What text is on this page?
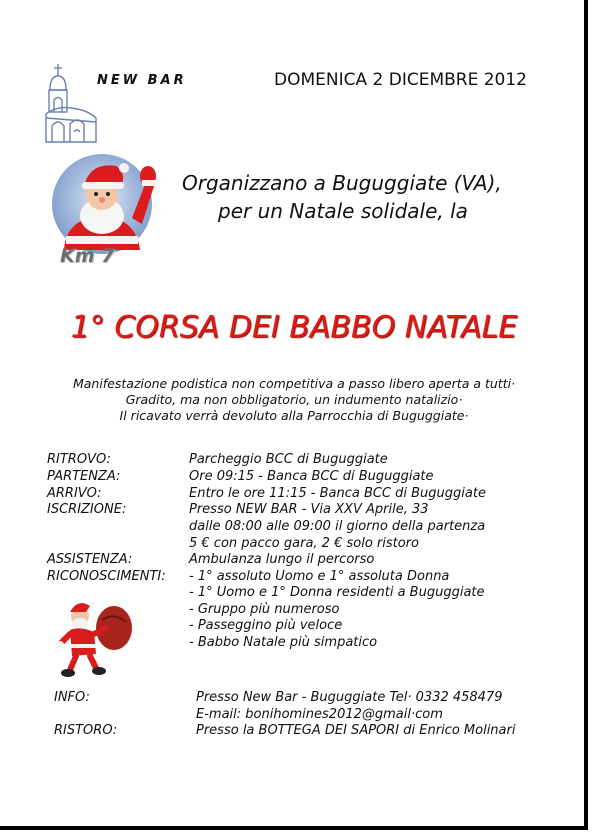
NEW BAR	DOMENICA 2 DICEMBRE 2012
Km 7
Organizzano a Buguggiate (VA),
per un Natale solidale, la
1° CORSA DEI BABBO NATALE
Manifestazione podistica non competitiva a passo libero aperta a tutti·
Gradito, ma non obbligatorio, un indumento natalizio·
Il ricavato verrà devoluto alla Parrocchia di Buguggiate·
RITROVO:	Parcheggio BCC di Buguggiate
PARTENZA:	Ore 09:15 - Banca BCC di Buguggiate
ARRIVO:	Entro le ore 11:15 - Banca BCC di Buguggiate
ISCRIZIONE:	Presso NEW BAR - Via XXV Aprile, 33
dalle 08:00 alle 09:00 il giorno della partenza
5 € con pacco gara, 2 € solo ristoro
ASSISTENZA:	Ambulanza lungo il percorso
RICONOSCIMENTI: - 1° assoluto Uomo e 1° assoluta Donna
- 1° Uomo e 1° Donna residenti a Buguggiate
- Gruppo più numeroso
- Passeggino più veloce
- Babbo Natale più simpatico
INFO:	Presso New Bar - Buguggiate Tel· 0332 458479
E-mail: bonihomines2012@gmail·com
RISTORO:	Presso la BOTTEGA DEI SAPORI di Enrico Molinari
